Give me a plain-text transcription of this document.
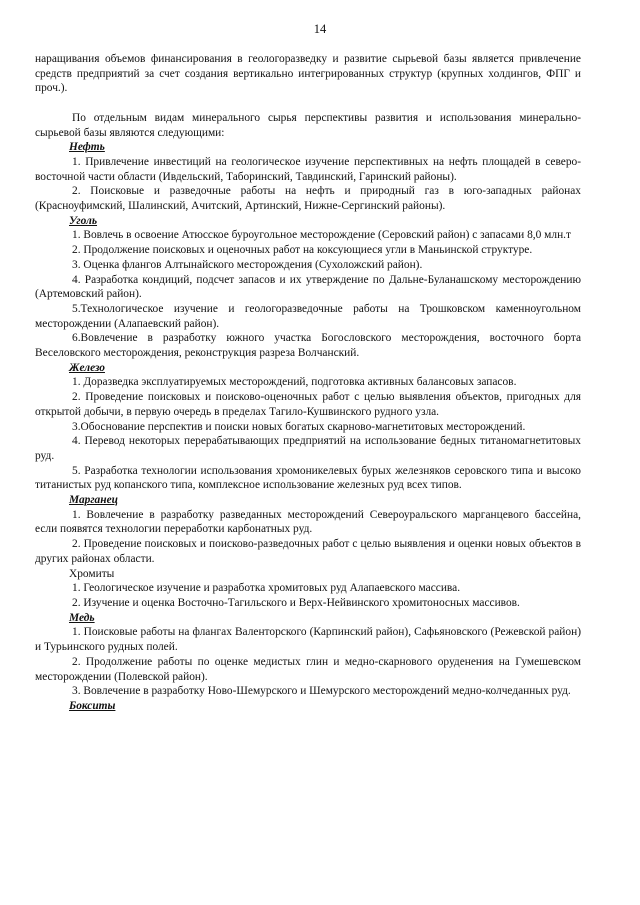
14

наращивания объемов финансирования в геологоразведку и развитие сырьевой базы является привлечение средств предприятий за счет создания вертикально интегрированных структур (крупных холдингов, ФПГ и проч.).

По отдельным видам минерального сырья перспективы развития и использования минерально-сырьевой базы являются следующими:

Нефть

1. Привлечение инвестиций на геологическое изучение перспективных на нефть площадей в северо-восточной части области (Ивдельский, Таборинский, Тавдинский, Гаринский районы).

2. Поисковые и разведочные работы на нефть и природный газ в юго-западных районах (Красноуфимский, Шалинский, Ачитский, Артинский, Нижне-Сергинский районы).

Уголь

1. Вовлечь в освоение Атюсское буроугольное месторождение (Серовский район) с запасами 8,0 млн.т

2. Продолжение поисковых и оценочных работ на коксующиеся угли в Маньинской структуре.

3. Оценка флангов Алтынайского месторождения (Сухоложский район).

4. Разработка кондиций, подсчет запасов и их утверждение по Дальне-Буланашскому месторождению (Артемовский район).

5.Технологическое изучение и геологоразведочные работы на Трошковском каменноугольном месторождении (Алапаевский район).

6.Вовлечение в разработку южного участка Богословского месторождения, восточного борта Веселовского месторождения, реконструкция разреза Волчанский.

Железо

1. Доразведка эксплуатируемых месторождений, подготовка активных балансовых запасов.

2. Проведение поисковых и поисково-оценочных работ с целью выявления объектов, пригодных для открытой добычи, в первую очередь в пределах Тагило-Кушвинского рудного узла.

3.Обоснование перспектив и поиски новых богатых скарново-магнетитовых месторождений.

4. Перевод некоторых перерабатывающих предприятий на использование бедных титаномагнетитовых руд.

5. Разработка технологии использования хромоникелевых бурых железняков серовского типа и высоко титанистых руд копанского типа, комплексное использование железных руд всех типов.

Марганец

1. Вовлечение в разработку разведанных месторождений Североуральского марганцевого бассейна, если появятся технологии переработки карбонатных руд.

2. Проведение поисковых и поисково-разведочных работ с целью выявления и оценки новых объектов в других районах области.

Хромиты

1. Геологическое изучение и разработка хромитовых руд Алапаевского массива.

2. Изучение и оценка Восточно-Тагильского и Верх-Нейвинского хромитоносных массивов.

Медь

1. Поисковые работы на флангах Валенторского (Карпинский район), Сафьяновского (Режевской район) и Турьинского рудных полей.

2. Продолжение работы по оценке медистых глин и медно-скарнового оруденения на Гумешевском месторождении (Полевской район).

3. Вовлечение в разработку Ново-Шемурского и Шемурского месторождений медно-колчеданных руд.

Бокситы
